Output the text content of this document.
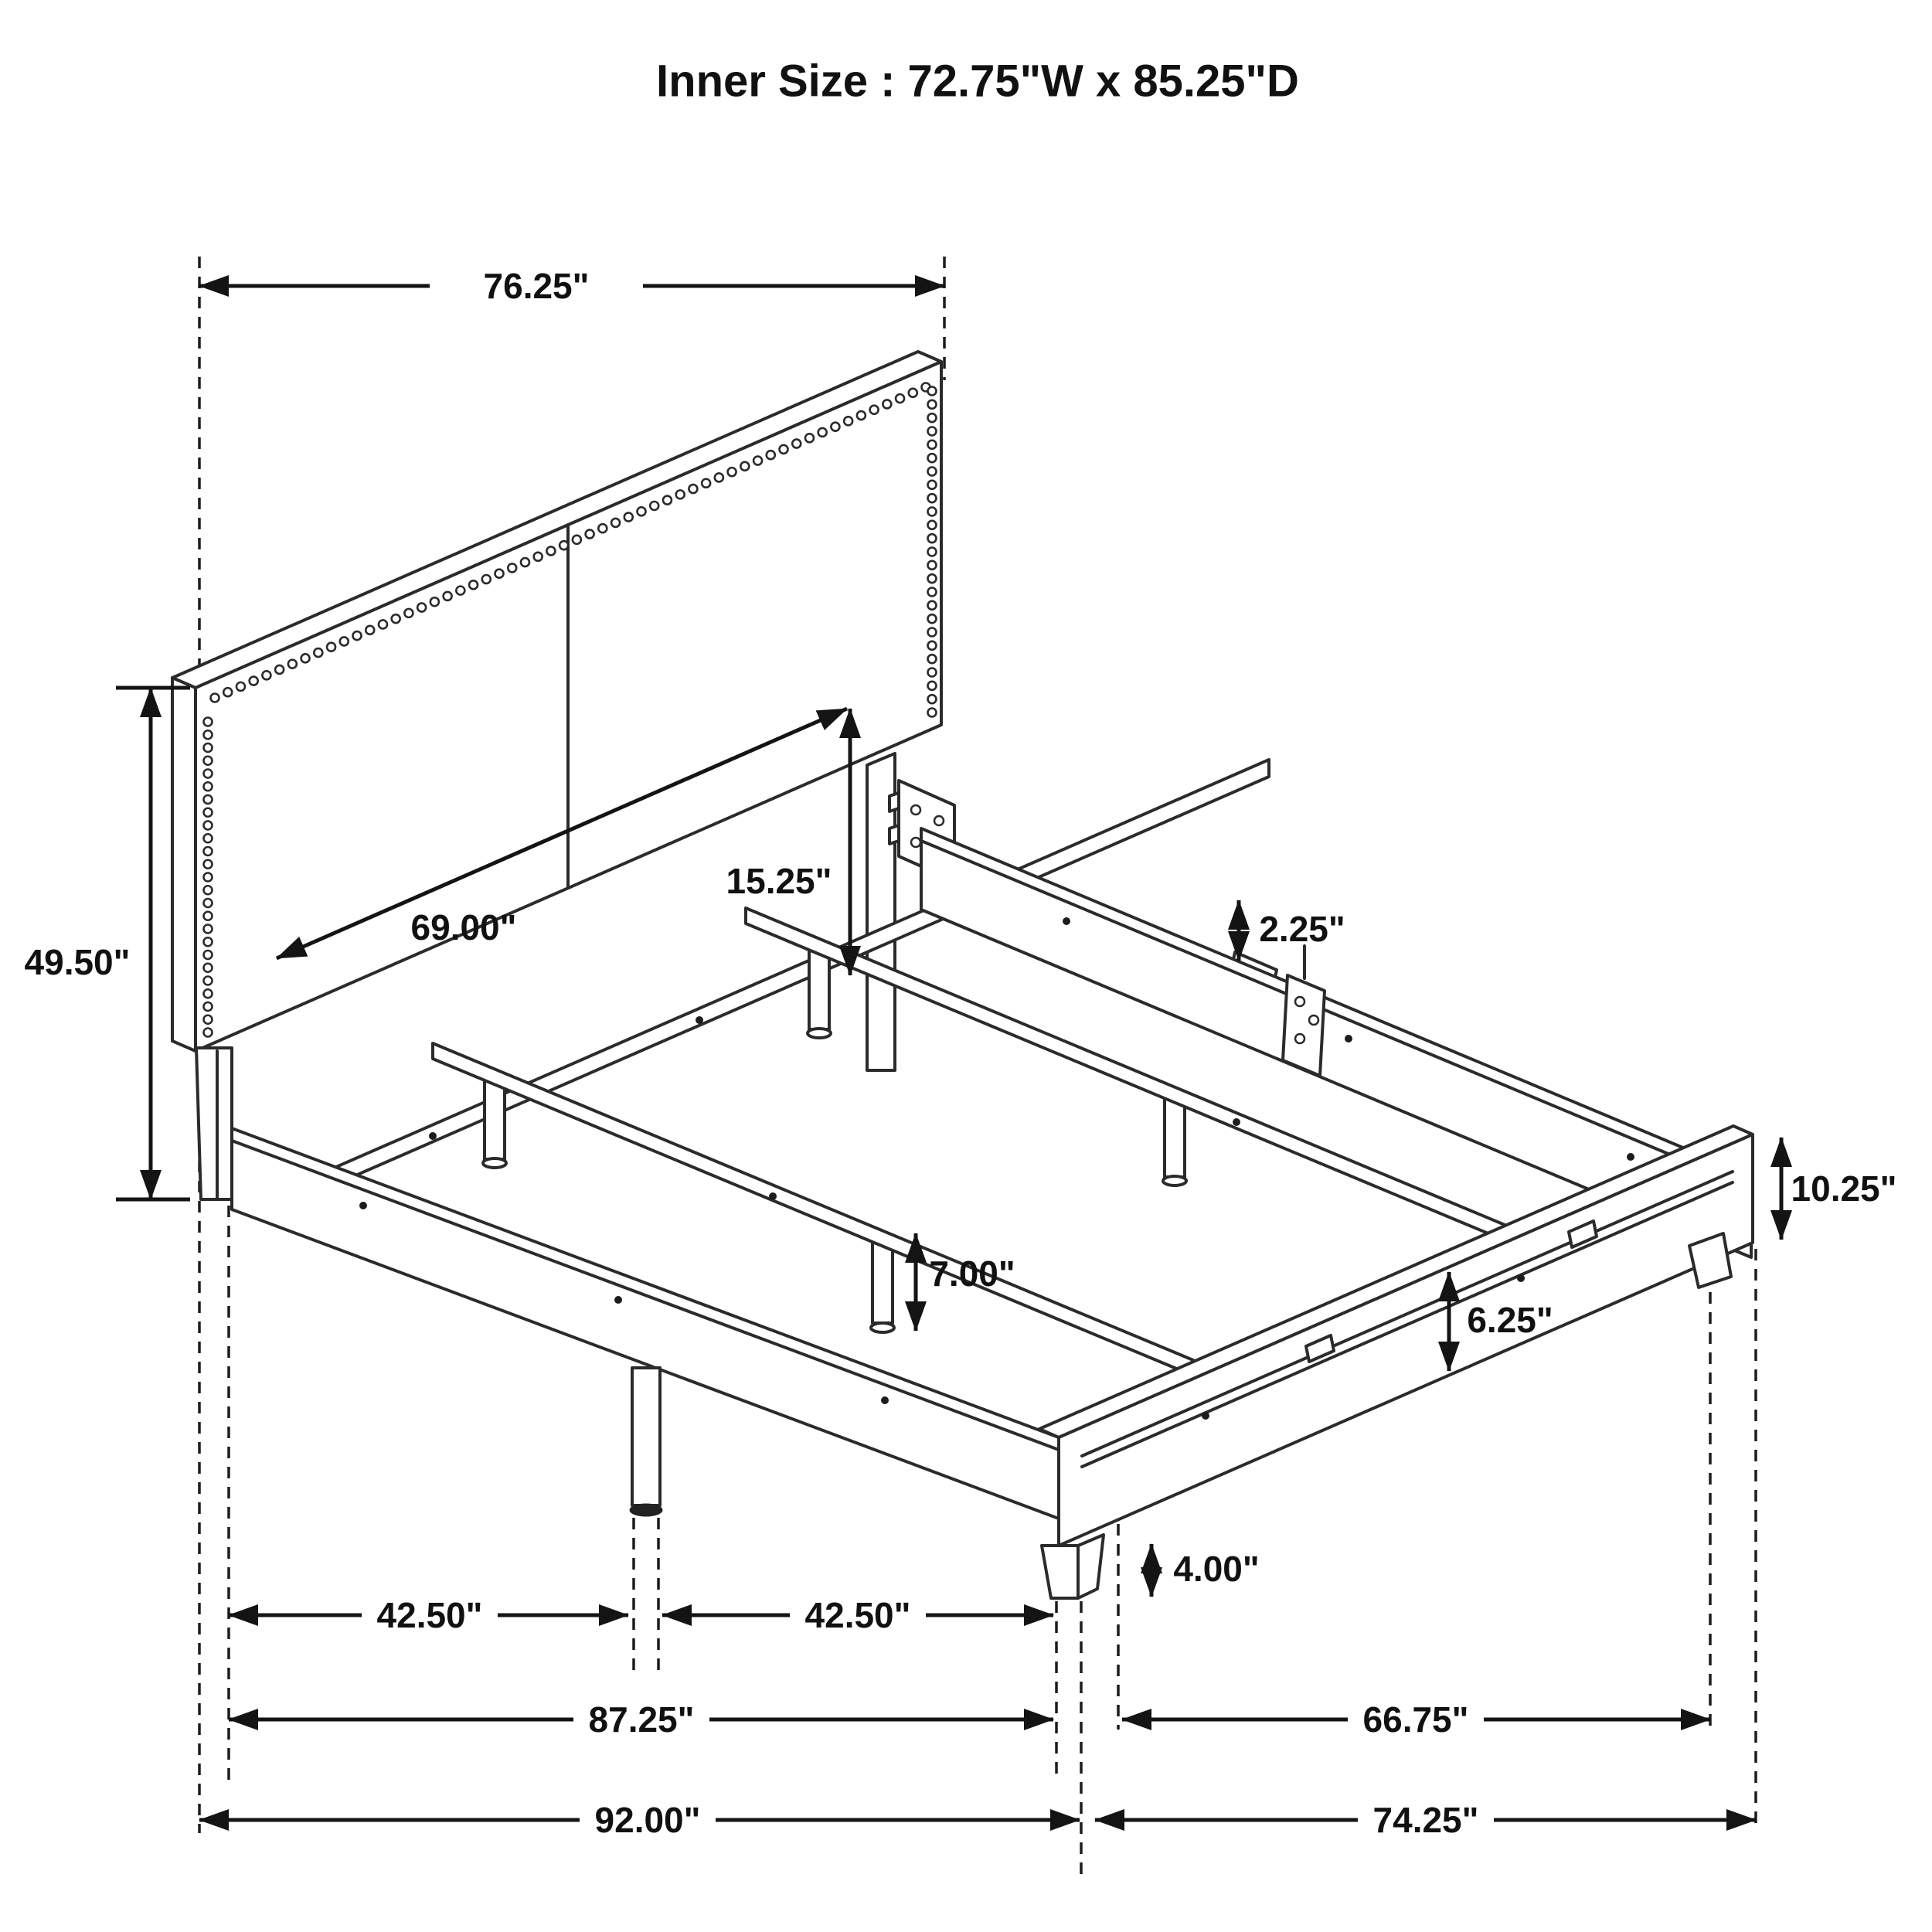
Inner Size : 72.75"W x 85.25"D
76.25"
49.50"
69.00"
15.25"
2.25"
10.25"
7.00"
6.25"
4.00"
42.50"	42.50"
87.25"	66.75"
92.00"	74.25"
